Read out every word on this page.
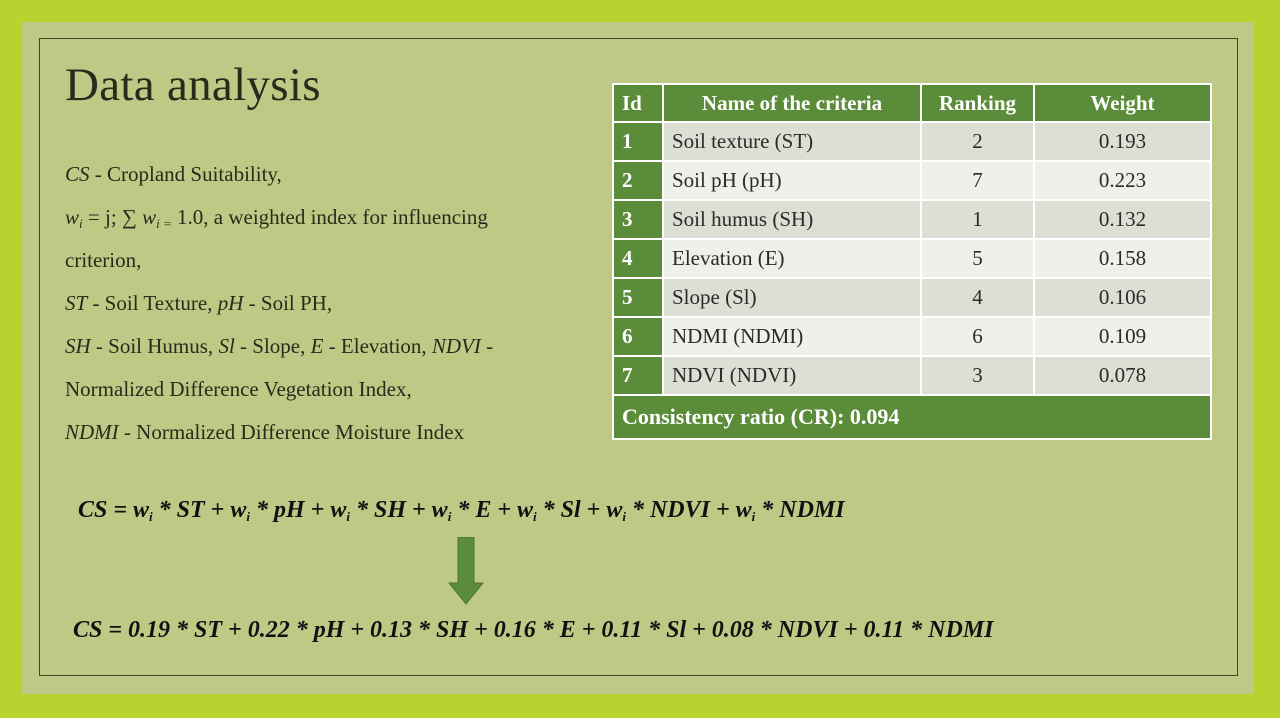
Data analysis
CS - Cropland Suitability,
$w_i = j$; ∑ $w_{i =}$ 1.0, a weighted index for influencing
criterion,
ST - Soil Texture, pH - Soil PH,
SH - Soil Humus, Sl - Slope, E - Elevation, NDVI -
Normalized Difference Vegetation Index,
NDMI - Normalized Difference Moisture Index
Id	Name of the criteria	Ranking	Weight
1	Soil texture (ST)	2	0.193
2	Soil pH (pH)	7	0.223
3	Soil humus (SH)	1	0.132
4	Elevation (E)	5	0.158
5	Slope (Sl)	4	0.106
6	NDMI (NDMI)	6	0.109
7	NDVI (NDVI)	3	0.078
Consistency ratio (CR): 0.094			
CS = $w_i$ * ST + $w_i$ * pH + $w_i$ * SH + $w_i * E + w_i * Sl + w_i$ * NDVI + $w_i$ * NDMI
CS = 0.19 * ST + 0.22 * pH + 0.13 * SH + 0.16 * E + 0.11 * Sl + 0.08 * NDVI + 0.11 * NDMI
